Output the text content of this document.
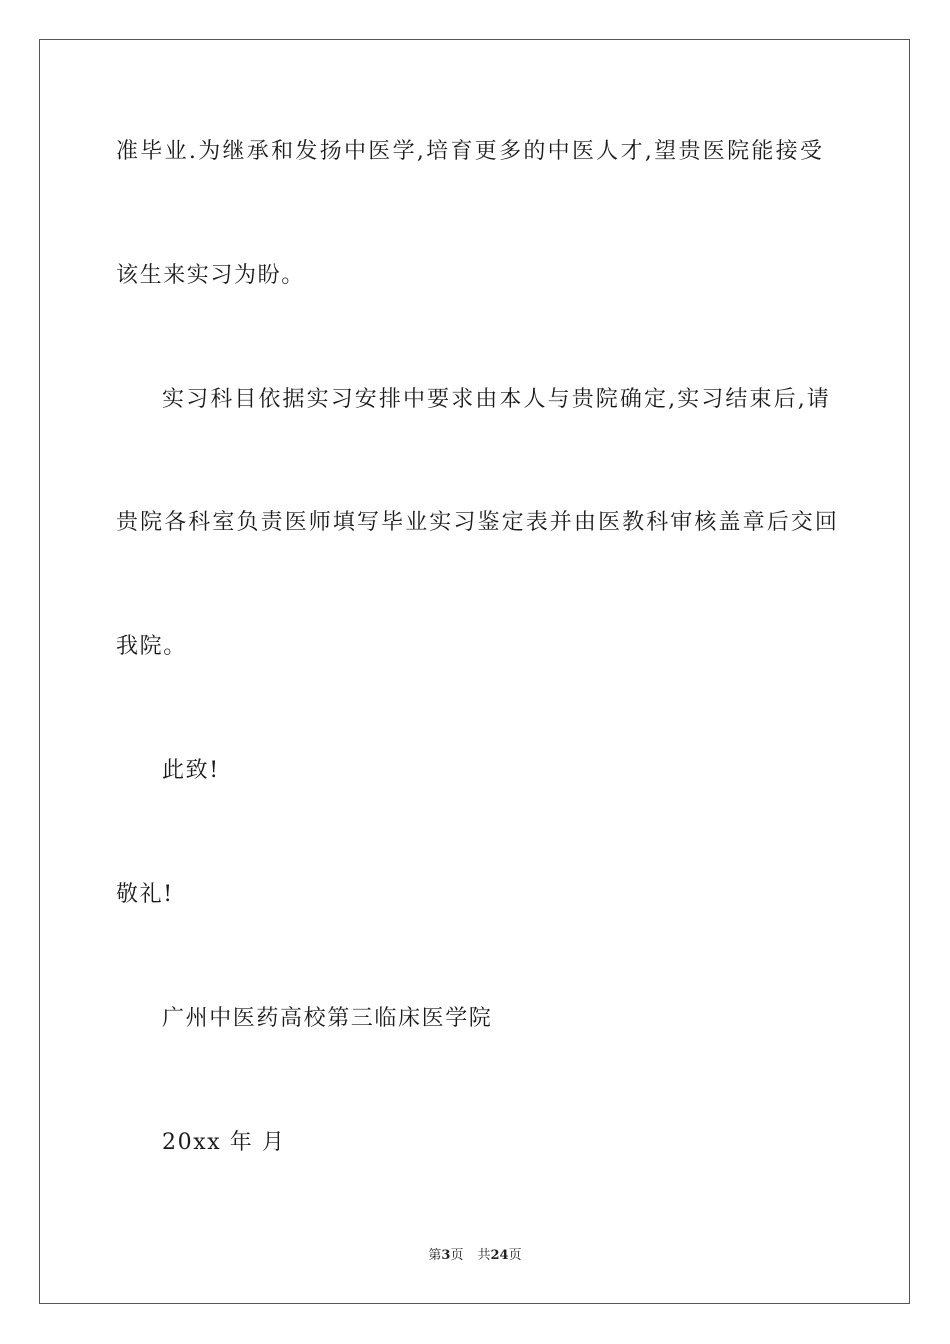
准毕业.为继承和发扬中医学,培育更多的中医人才,望贵医院能接受
该生来实习为盼。
实习科目依据实习安排中要求由本人与贵院确定,实习结束后,请
贵院各科室负责医师填写毕业实习鉴定表并由医教科审核盖章后交回
我院。
此致!
敬礼!
广州中医药高校第三临床医学院
20xx 年 月
第3页 共24页
